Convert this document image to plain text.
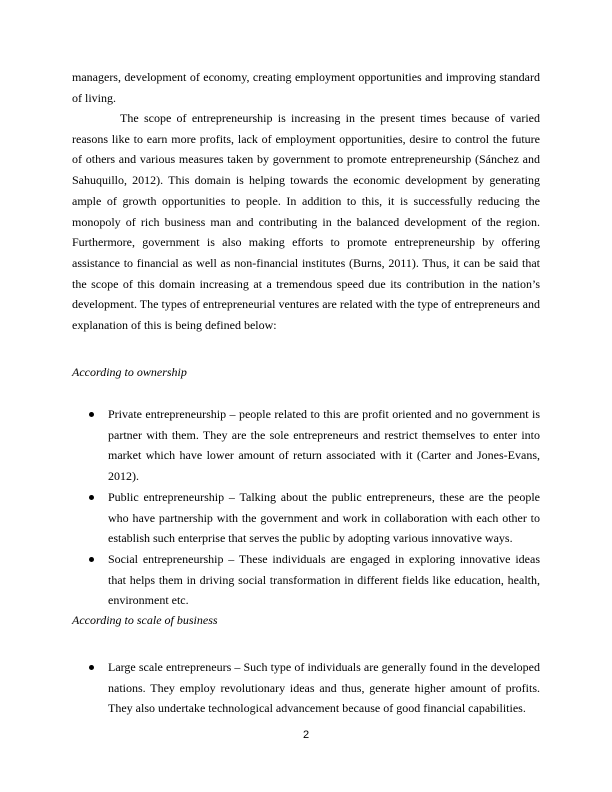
managers, development of economy, creating employment opportunities and improving standard of living.

The scope of entrepreneurship is increasing in the present times because of varied reasons like to earn more profits, lack of employment opportunities, desire to control the future of others and various measures taken by government to promote entrepreneurship (Sánchez and Sahuquillo, 2012). This domain is helping towards the economic development by generating ample of growth opportunities to people. In addition to this, it is successfully reducing the monopoly of rich business man and contributing in the balanced development of the region. Furthermore, government is also making efforts to promote entrepreneurship by offering assistance to financial as well as non-financial institutes (Burns, 2011). Thus, it can be said that the scope of this domain increasing at a tremendous speed due its contribution in the nation’s development. The types of entrepreneurial ventures are related with the type of entrepreneurs and explanation of this is being defined below:

According to ownership

Private entrepreneurship – people related to this are profit oriented and no government is partner with them. They are the sole entrepreneurs and restrict themselves to enter into market which have lower amount of return associated with it (Carter and Jones-Evans, 2012).
Public entrepreneurship – Talking about the public entrepreneurs, these are the people who have partnership with the government and work in collaboration with each other to establish such enterprise that serves the public by adopting various innovative ways.
Social entrepreneurship – These individuals are engaged in exploring innovative ideas that helps them in driving social transformation in different fields like education, health, environment etc.

According to scale of business

Large scale entrepreneurs – Such type of individuals are generally found in the developed nations. They employ revolutionary ideas and thus, generate higher amount of profits. They also undertake technological advancement because of good financial capabilities.
2
